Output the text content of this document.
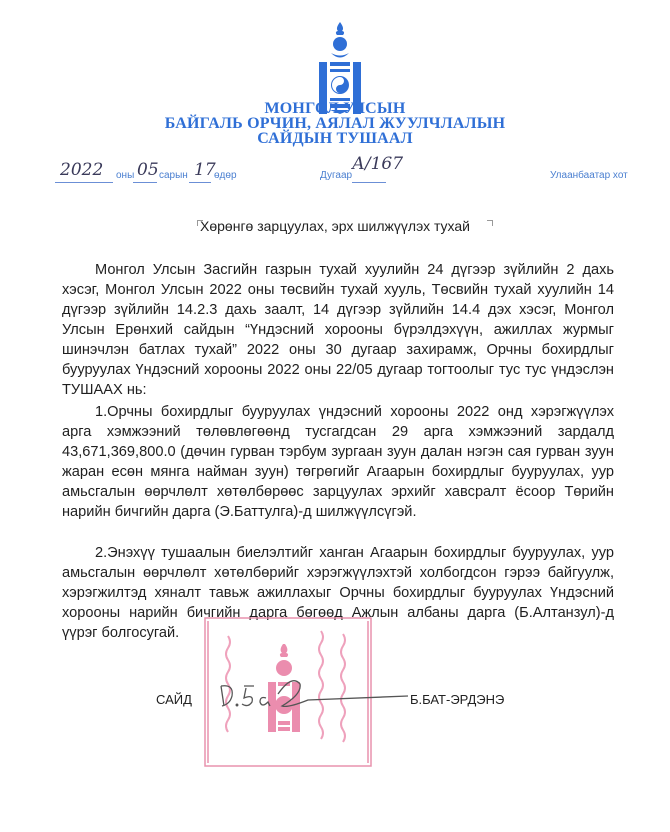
МОНГОЛ УЛСЫН
БАЙГАЛЬ ОРЧИН, АЯЛАЛ ЖУУЛЧЛАЛЫН
САЙДЫН ТУШААЛ
2022 оны 05 сарын 17
өдөр	Дугаар
А/167
Улаанбаатар хот
Хөрөнгө зарцуулах, эрх шилжүүлэх тухай

Монгол Улсын Засгийн газрын тухай хуулийн 24 дүгээр зүйлийн 2 дахь хэсэг, Монгол Улсын 2022 оны төсвийн тухай хууль, Төсвийн тухай хуулийн 14 дүгээр зүйлийн 14.2.3 дахь заалт, 14 дүгээр зүйлийн 14.4 дэх хэсэг, Монгол Улсын Ерөнхий сайдын “Үндэсний хорооны бүрэлдэхүүн, ажиллах журмыг шинэчлэн батлах тухай” 2022 оны 30 дугаар захирамж, Орчны бохирдлыг бууруулах Үндэсний хорооны 2022 оны 22/05 дугаар тогтоолыг тус тус үндэслэн ТУШААХ нь:

1.Орчны бохирдлыг бууруулах үндэсний хорооны 2022 онд хэрэгжүүлэх арга хэмжээний төлөвлөгөөнд тусгагдсан 29 арга хэмжээний зардалд 43,671,369,800.0 (дөчин гурван тэрбум зургаан зуун далан нэгэн сая гурван зуун жаран есөн мянга найман зуун) төгрөгийг Агаарын бохирдлыг бууруулах, уур амьсгалын өөрчлөлт хөтөлбөрөөс зарцуулах эрхийг хавсралт ёсоор Төрийн нарийн бичгийн дарга (Э.Баттулга)-д шилжүүлсүгэй.

2.Энэхүү тушаалын биелэлтийг ханган Агаарын бохирдлыг бууруулах, уур амьсгалын өөрчлөлт хөтөлбөрийг хэрэгжүүлэхтэй холбогдсон гэрээ байгуулж, хэрэгжилтэд хяналт тавьж ажиллахыг Орчны бохирдлыг бууруулах Үндэсний хорооны нарийн бичгийн дарга бөгөөд Ажлын албаны дарга (Б.Алтанзул)-д үүрэг болгосугай.

САЙД	Б.БАТ-ЭРДЭНЭ
